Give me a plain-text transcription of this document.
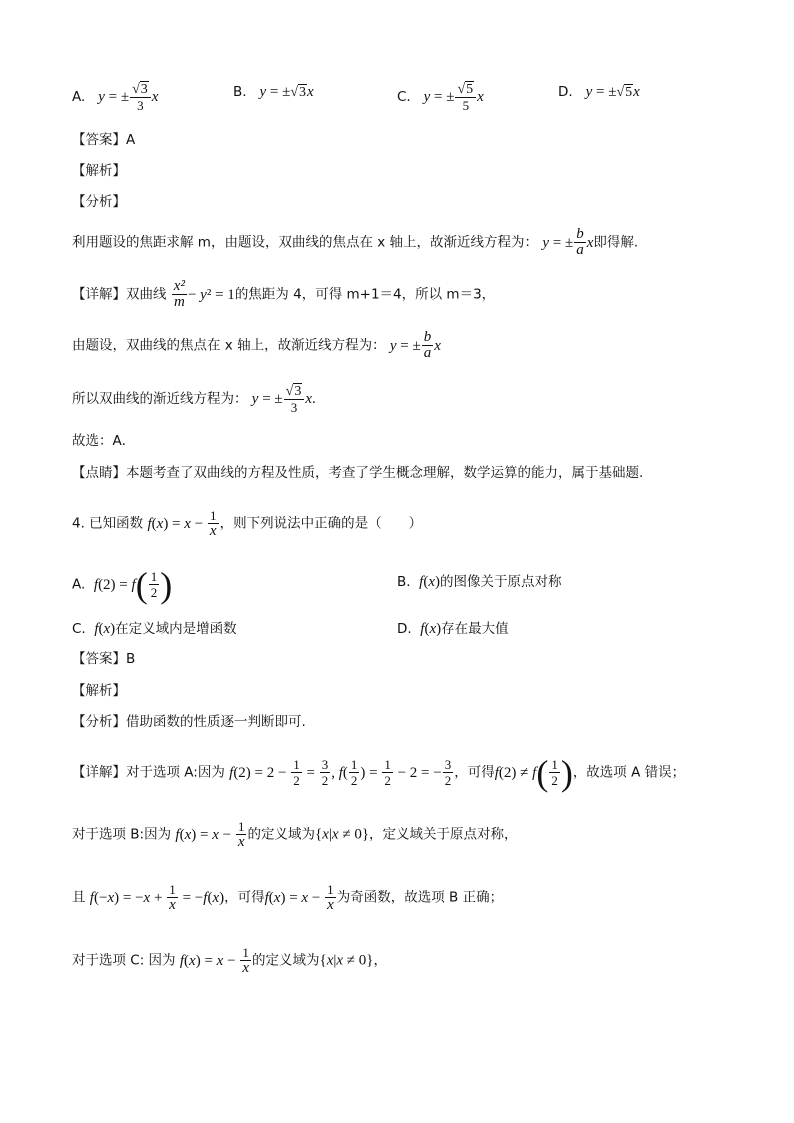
A. y = ± $\frac{√3}{3}$ x	B. y = ±√3x	C. y = ± $\frac{√5}{5}$ x	D. y = ±√5x
【答案】A
【解析】
【分析】
利用题设的焦距求解 m，由题设，双曲线的焦点在 x 轴上，故渐近线方程为： y = ± $\frac{b}{a}$ x即得解.
【详解】双曲线 $\frac{\text{x²}}{m} - y^2 = 1$的焦距为 4，可得 m+1＝4，所以 m＝3，
由题设，双曲线的焦点在 x 轴上，故渐近线方程为： y = ± $\frac{b}{a}$ x
所以双曲线的渐近线方程为： y = ± $\frac{√3}{3} x$.
故选：A．
【点睛】本题考查了双曲线的方程及性质，考查了学生概念理解，数学运算的能力，属于基础题.
4. 已知函数 $f(x) = x - \frac{1}{x}$ ，则下列说法中正确的是（　　）
A. $f(2) = f( \frac{1}{2}$ )	B. f(x)的图像关于原点对称
C. f(x)在定义域内是增函数	D. f(x)存在最大值
【答案】B
【解析】
【分析】借助函数的性质逐一判断即可.
【详解】对于选项 A:因为 $f(2) = 2 - \frac{1}{2} = \frac{3}{2}$ , $f( \frac{1}{2}$ ) = $\frac{1}{2} - 2$ = − $\frac{3}{2}$ ，可得$f(2) \ne f( \frac{1}{2}$ )，故选项 A 错误；
对于选项 B:因为 $f(x) = x - \frac{1}{x}$ 的定义域为{x|x ≠ 0}，定义域关于原点对称，
且 $f(-x) = -x + \frac{1}{x} = -f(x)$，可得$f(x) = x - \frac{1}{x}$ 为奇函数，故选项 B 正确；
对于选项 C: 因为 $f(x) = x - \frac{1}{x}$ 的定义域为{x|x ≠ 0}，
